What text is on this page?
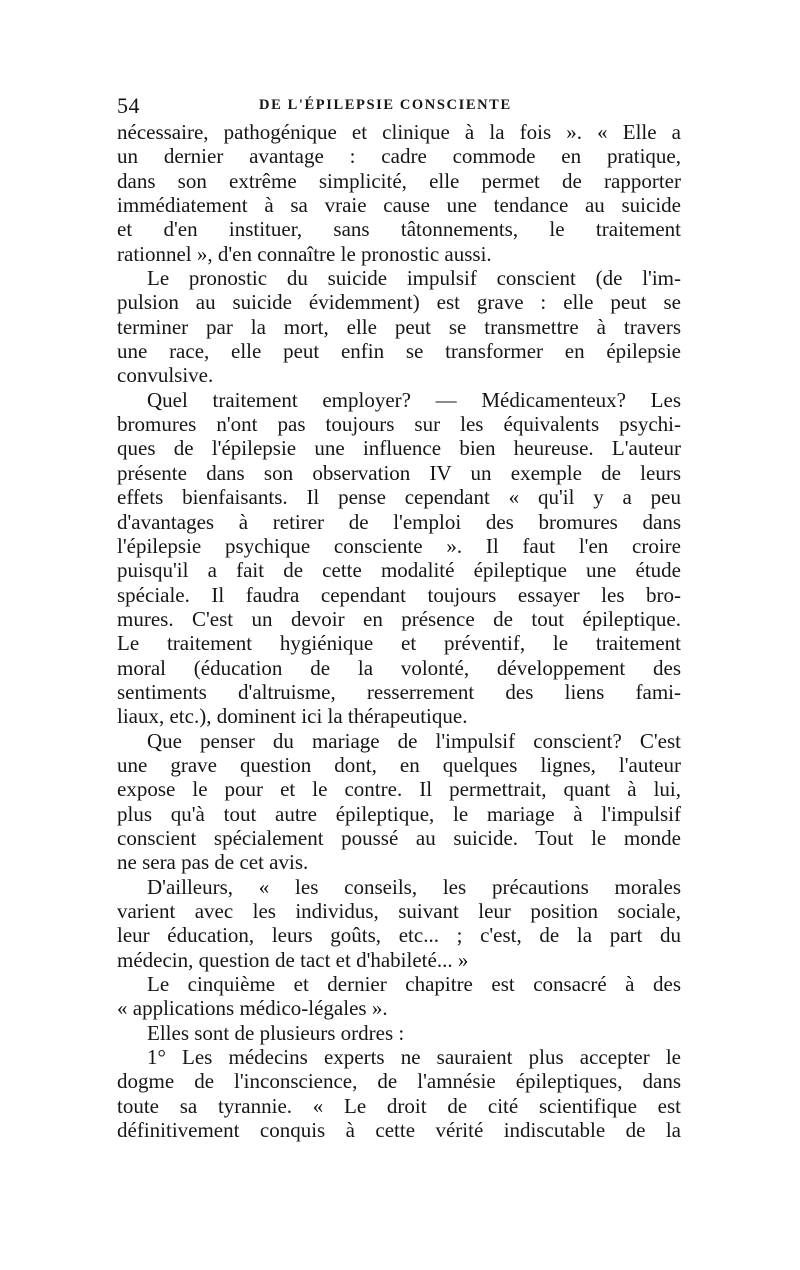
54	DE L'ÉPILEPSIE CONSCIENTE
nécessaire, pathogénique et clinique à la fois ». « Elle a
un dernier avantage : cadre commode en pratique,
dans son extrême simplicité, elle permet de rapporter
immédiatement à sa vraie cause une tendance au suicide
et d'en instituer, sans tâtonnements, le traitement
rationnel », d'en connaître le pronostic aussi.
Le pronostic du suicide impulsif conscient (de l'im-
pulsion au suicide évidemment) est grave : elle peut se
terminer par la mort, elle peut se transmettre à travers
une race, elle peut enfin se transformer en épilepsie
convulsive.
Quel traitement employer? — Médicamenteux? Les
bromures n'ont pas toujours sur les équivalents psychi-
ques de l'épilepsie une influence bien heureuse. L'auteur
présente dans son observation IV un exemple de leurs
effets bienfaisants. Il pense cependant « qu'il y a peu
d'avantages à retirer de l'emploi des bromures dans
l'épilepsie psychique consciente ». Il faut l'en croire
puisqu'il a fait de cette modalité épileptique une étude
spéciale. Il faudra cependant toujours essayer les bro-
mures. C'est un devoir en présence de tout épileptique.
Le traitement hygiénique et préventif, le traitement
moral (éducation de la volonté, développement des
sentiments d'altruisme, resserrement des liens fami-
liaux, etc.), dominent ici la thérapeutique.
Que penser du mariage de l'impulsif conscient? C'est
une grave question dont, en quelques lignes, l'auteur
expose le pour et le contre. Il permettrait, quant à lui,
plus qu'à tout autre épileptique, le mariage à l'impulsif
conscient spécialement poussé au suicide. Tout le monde
ne sera pas de cet avis.
D'ailleurs, « les conseils, les précautions morales
varient avec les individus, suivant leur position sociale,
leur éducation, leurs goûts, etc... ; c'est, de la part du
médecin, question de tact et d'habileté... »
Le cinquième et dernier chapitre est consacré à des
« applications médico-légales ».
Elles sont de plusieurs ordres :
1° Les médecins experts ne sauraient plus accepter le
dogme de l'inconscience, de l'amnésie épileptiques, dans
toute sa tyrannie. « Le droit de cité scientifique est
définitivement conquis à cette vérité indiscutable de la
